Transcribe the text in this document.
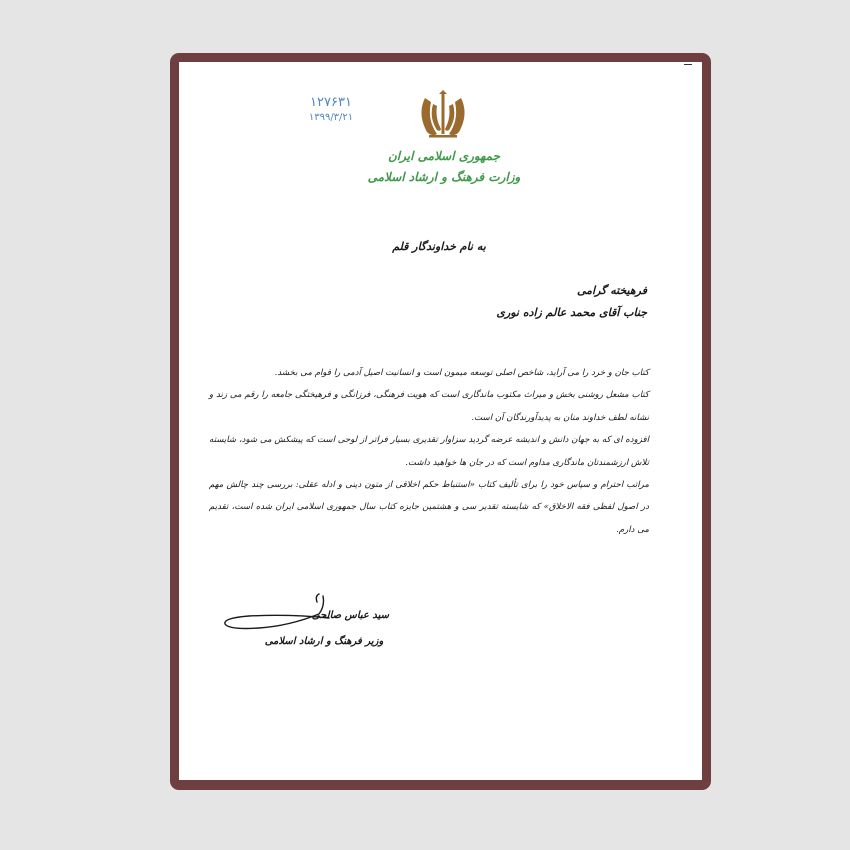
۱۲۷۶۳۱
۱۳۹۹/۳/۲۱
جمهوری اسلامی ایران
وزارت فرهنگ و ارشاد اسلامی
به نام خداوندگار قلم
فرهیخته گرامی
جناب آقای محمد عالم زاده نوری

کتاب جان و خرد را می آراید، شاخص اصلی توسعه میمون است و انسانیت اصیل آدمی را قوام می بخشد.

کتاب مشعل روشنی بخش و میراث مکتوب ماندگاری است که هویت فرهنگی، فرزانگی و فرهیختگی جامعه را رقم می زند و نشانه لطف خداوند منان به پدیدآورندگان آن است.

افزوده ای که به جهان دانش و اندیشه عرضه گردید سزاوار تقدیری بسیار فراتر از لوحی است که پیشکش می شود، شایسته تلاش ارزشمندتان ماندگاری مداوم است که در جان ها خواهید داشت.

مراتب احترام و سپاس خود را برای تألیف کتاب «استنباط حکم اخلاقی از متون دینی و ادله عقلی: بررسی چند چالش مهم در اصول لفظی فقه الاخلاق» که شایسته تقدیر سی و هشتمین جایزه کتاب سال جمهوری اسلامی ایران شده است، تقدیم می دارم.

سید عباس صالحی
وزیر فرهنگ و ارشاد اسلامی
